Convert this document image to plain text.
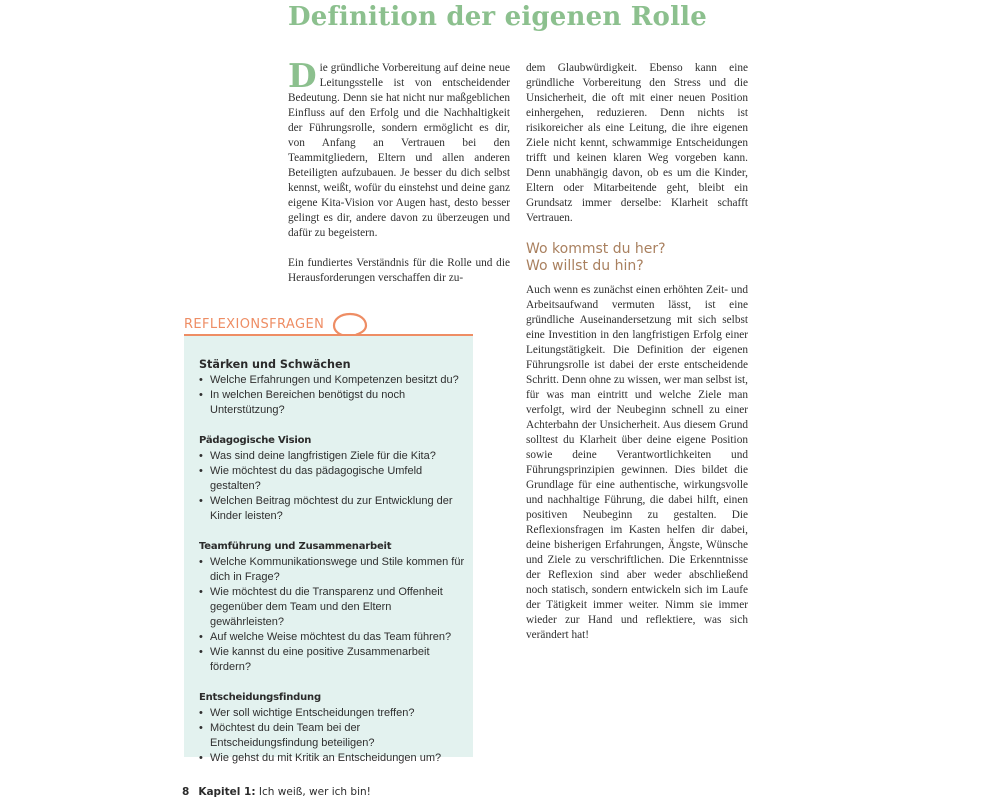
Definition der eigenen Rolle

Die gründliche Vorbereitung auf deine neue Leitungsstelle ist von entscheidender Bedeutung. Denn sie hat nicht nur maßgeblichen Einfluss auf den Erfolg und die Nachhaltigkeit der Führungsrolle, sondern ermöglicht es dir, von Anfang an Vertrauen bei den Teammitgliedern, Eltern und allen anderen Beteiligten aufzubauen. Je besser du dich selbst kennst, weißt, wofür du einstehst und deine ganz eigene Kita-Vision vor Augen hast, desto besser gelingt es dir, andere davon zu überzeugen und dafür zu begeistern.

Ein fundiertes Verständnis für die Rolle und die Herausforderungen verschaffen dir zu-

dem Glaubwürdigkeit. Ebenso kann eine gründliche Vorbereitung den Stress und die Unsicherheit, die oft mit einer neuen Position einhergehen, reduzieren. Denn nichts ist risikoreicher als eine Leitung, die ihre eigenen Ziele nicht kennt, schwammige Entscheidungen trifft und keinen klaren Weg vorgeben kann. Denn unabhängig davon, ob es um die Kinder, Eltern oder Mitarbeitende geht, bleibt ein Grundsatz immer derselbe: Klarheit schafft Vertrauen.

Wo kommst du her?
Wo willst du hin?

Auch wenn es zunächst einen erhöhten Zeit- und Arbeitsaufwand vermuten lässt, ist eine gründliche Auseinandersetzung mit sich selbst eine Investition in den langfristigen Erfolg einer Leitungstätigkeit. Die Definition der eigenen Führungsrolle ist dabei der erste entscheidende Schritt. Denn ohne zu wissen, wer man selbst ist, für was man eintritt und welche Ziele man verfolgt, wird der Neubeginn schnell zu einer Achterbahn der Unsicherheit. Aus diesem Grund solltest du Klarheit über deine eigene Position sowie deine Verantwortlichkeiten und Führungsprinzipien gewinnen. Dies bildet die Grundlage für eine authentische, wirkungsvolle und nachhaltige Führung, die dabei hilft, einen positiven Neubeginn zu gestalten. Die Reflexionsfragen im Kasten helfen dir dabei, deine bisherigen Erfahrungen, Ängste, Wünsche und Ziele zu verschriftlichen. Die Erkenntnisse der Reflexion sind aber weder abschließend noch statisch, sondern entwickeln sich im Laufe der Tätigkeit immer weiter. Nimm sie immer wieder zur Hand und reflektiere, was sich verändert hat!

REFLEXIONSFRAGEN
Stärken und Schwächen
• Welche Erfahrungen und Kompetenzen besitzt du?
• In welchen Bereichen benötigst du noch Unterstützung?
Pädagogische Vision
• Was sind deine langfristigen Ziele für die Kita?
• Wie möchtest du das pädagogische Umfeld gestalten?
• Welchen Beitrag möchtest du zur Entwicklung der Kinder leisten?
Teamführung und Zusammenarbeit
• Welche Kommunikationswege und Stile kommen für dich in Frage?
• Wie möchtest du die Transparenz und Offenheit gegenüber dem Team und den Eltern gewährleisten?
• Auf welche Weise möchtest du das Team führen?
• Wie kannst du eine positive Zusammenarbeit fördern?
Entscheidungsfindung
• Wer soll wichtige Entscheidungen treffen?
• Möchtest du dein Team bei der Entscheidungsfindung beteiligen?
• Wie gehst du mit Kritik an Entscheidungen um?
8 Kapitel 1: Ich weiß, wer ich bin!
